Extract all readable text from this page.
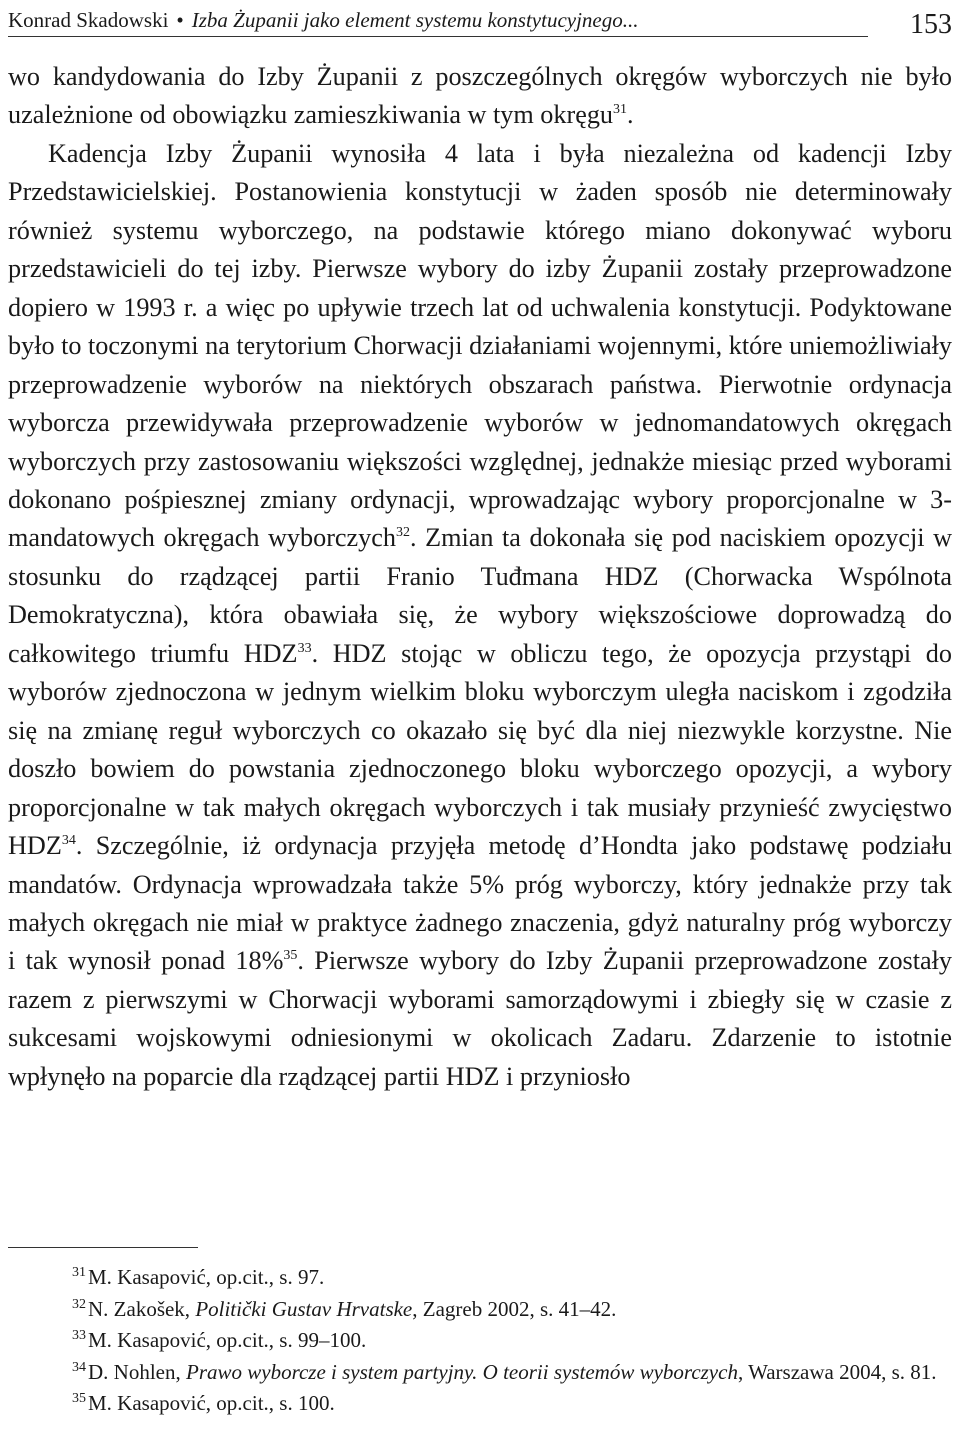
Konrad Skadowski • Izba Żupanii jako element systemu konstytucyjnego...	153

wo kandydowania do Izby Żupanii z poszczególnych okręgów wyborczych nie było uzależnione od obowiązku zamieszkiwania w tym okręgu$^{31}$.

Kadencja Izby Żupanii wynosiła 4 lata i była niezależna od kadencji Izby Przedstawicielskiej. Postanowienia konstytucji w żaden sposób nie determinowały również systemu wyborczego, na podstawie którego miano dokonywać wyboru przedstawicieli do tej izby. Pierwsze wybory do izby Żupanii zostały przeprowadzone dopiero w 1993 r. a więc po upływie trzech lat od uchwalenia konstytucji. Podyktowane było to toczonymi na terytorium Chorwacji działaniami wojennymi, które uniemożliwiały przeprowadzenie wyborów na niektórych obszarach państwa. Pierwotnie ordynacja wyborcza przewidywała przeprowadzenie wyborów w jednomandatowych okręgach wyborczych przy zastosowaniu większości względnej, jednakże miesiąc przed wyborami dokonano pośpiesznej zmiany ordynacji, wprowadzając wybory proporcjonalne w 3-mandatowych okręgach wyborczych$^{32}$. Zmian ta dokonała się pod naciskiem opozycji w stosunku do rządzącej partii Franio Tuđmana HDZ (Chorwacka Wspólnota Demokratyczna), która obawiała się, że wybory większościowe doprowadzą do całkowitego triumfu HDZ$^{33}$. HDZ stojąc w obliczu tego, że opozycja przystąpi do wyborów zjednoczona w jednym wielkim bloku wyborczym uległa naciskom i zgodziła się na zmianę reguł wyborczych co okazało się być dla niej niezwykle korzystne. Nie doszło bowiem do powstania zjednoczonego bloku wyborczego opozycji, a wybory proporcjonalne w tak małych okręgach wyborczych i tak musiały przynieść zwycięstwo HDZ$^{34}$. Szczególnie, iż ordynacja przyjęła metodę d’Hondta jako podstawę podziału mandatów. Ordynacja wprowadzała także 5% próg wyborczy, który jednakże przy tak małych okręgach nie miał w praktyce żadnego znaczenia, gdyż naturalny próg wyborczy i tak wynosił ponad 18%$^{35}$. Pierwsze wybory do Izby Żupanii przeprowadzone zostały razem z pierwszymi w Chorwacji wyborami samorządowymi i zbiegły się w czasie z sukcesami wojskowymi odniesionymi w okolicach Zadaru. Zdarzenie to istotnie wpłynęło na poparcie dla rządzącej partii HDZ i przyniosło

31M. Kasapović, op.cit., s. 97.

32N. Zakošek, Politički Gustav Hrvatske, Zagreb 2002, s. 41–42.

33M. Kasapović, op.cit., s. 99–100.

34D. Nohlen, Prawo wyborcze i system partyjny. O teorii systemów wyborczych, Warszawa 2004, s. 81.

35M. Kasapović, op.cit., s. 100.
